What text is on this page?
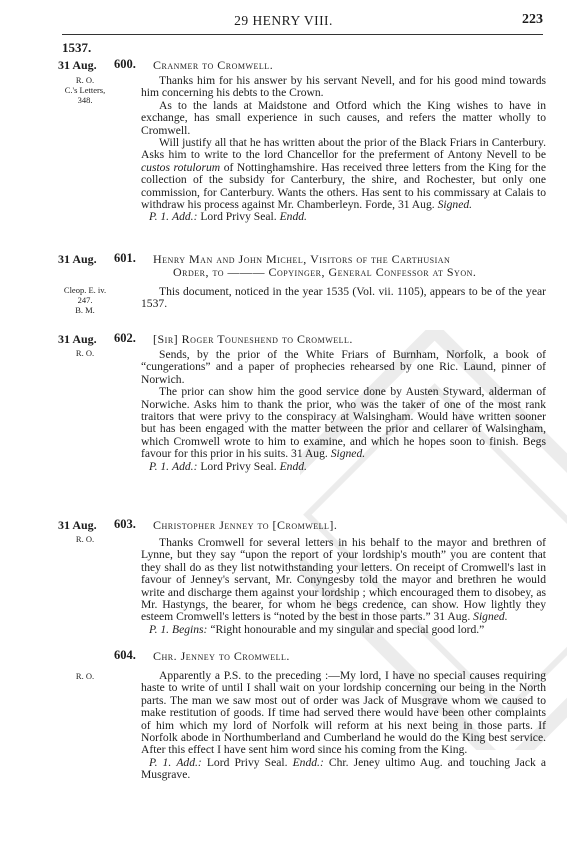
29 HENRY VIII.	223
1537.
31 Aug.	600. Cranmer to Cromwell.
R. O.
C.'s Letters,
348.

Thanks him for his answer by his servant Nevell, and for his good mind towards him concerning his debts to the Crown.

As to the lands at Maidstone and Otford which the King wishes to have in exchange, has small experience in such causes, and refers the matter wholly to Cromwell.

Will justify all that he has written about the prior of the Black Friars in Canterbury. Asks him to write to the lord Chancellor for the preferment of Antony Nevell to be custos rotulorum of Nottinghamshire. Has received three letters from the King for the collection of the subsidy for Canterbury, the shire, and Rochester, but only one commission, for Canterbury. Wants the others. Has sent to his commissary at Calais to withdraw his process against Mr. Chamberleyn. Forde, 31 Aug. Signed.

P. 1. Add.: Lord Privy Seal. Endd.

31 Aug.	601. Henry Man and John Michel, Visitors of the Carthusian
Order, to ——— Copyinger, General Confessor at Syon.
Cleop. E. iv.
247.
B. M.

This document, noticed in the year 1535 (Vol. vii. 1105), appears to be of the year 1537.

31 Aug.	602. [Sir] Roger Touneshend to Cromwell.
R. O.	Sends, by the prior of the White Friars of Burnham, Norfolk, a book of “cungerations” and a paper of prophecies rehearsed by one Ric. Laund, pinner of Norwich.

The prior can show him the good service done by Austen Styward, alderman of Norwiche. Asks him to thank the prior, who was the taker of one of the most rank traitors that were privy to the conspiracy at Walsingham. Would have written sooner but has been engaged with the matter between the prior and cellarer of Walsingham, which Cromwell wrote to him to examine, and which he hopes soon to finish. Begs favour for this prior in his suits. 31 Aug. Signed.

P. 1. Add.: Lord Privy Seal. Endd.

31 Aug.	603. Christopher Jenney to [Cromwell].
R. O.	Thanks Cromwell for several letters in his behalf to the mayor and brethren of Lynne, but they say “upon the report of your lordship's mouth” you are content that they shall do as they list notwithstanding your letters. On receipt of Cromwell's last in favour of Jenney's servant, Mr. Conyngesby told the mayor and brethren he would write and discharge them against your lordship ; which encouraged them to disobey, as Mr. Hastyngs, the bearer, for whom he begs credence, can show. How lightly they esteem Cromwell's letters is “noted by the best in those parts.” 31 Aug. Signed.

P. 1. Begins: “Right honourable and my singular and special good lord.”

604. Chr. Jenney to Cromwell.
R. O.	Apparently a P.S. to the preceding :—My lord, I have no special causes requiring haste to write of until I shall wait on your lordship concerning our being in the North parts. The man we saw most out of order was Jack of Musgrave whom we caused to make restitution of goods. If time had served there would have been other complaints of him which my lord of Norfolk will reform at his next being in those parts. If Norfolk abode in Northumberland and Cumberland he would do the King best service. After this effect I have sent him word since his coming from the King.

P. 1. Add.: Lord Privy Seal. Endd.: Chr. Jeney ultimo Aug. and touching Jack a Musgrave.
